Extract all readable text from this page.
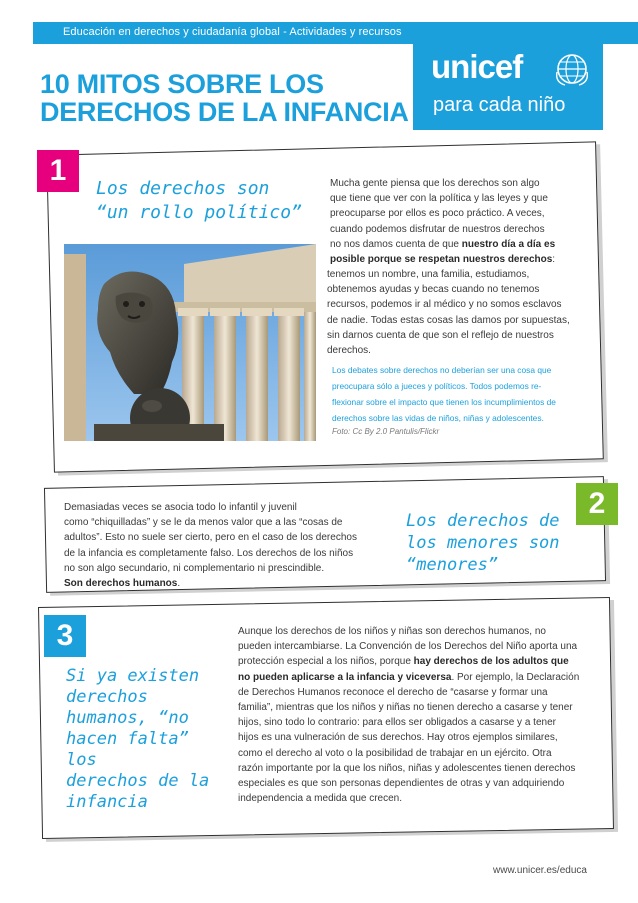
Educación en derechos y ciudadanía global - Actividades y recursos
10 MITOS SOBRE LOS
DERECHOS DE LA INFANCIA
unicef
para cada niño
1
Los derechos son
“un rollo político”
Mucha gente piensa que los derechos son algo
que tiene que ver con la política y las leyes y que
preocuparse por ellos es poco práctico. A veces,
cuando podemos disfrutar de nuestros derechos
no nos damos cuenta de que nuestro día a día es
posible porque se respetan nuestros derechos:
tenemos un nombre, una familia, estudiamos,
obtenemos ayudas y becas cuando no tenemos
recursos, podemos ir al médico y no somos esclavos
de nadie. Todas estas cosas las damos por supuestas,
sin darnos cuenta de que son el reflejo de nuestros
derechos.
Los debates sobre derechos no deberían ser una cosa que
preocupara sólo a jueces y políticos. Todos podemos re-
flexionar sobre el impacto que tienen los incumplimientos de
derechos sobre las vidas de niños, niñas y adolescentes.
Foto: Cc By 2.0 Pantulis/Flickr
Demasiadas veces se asocia todo lo infantil y juvenil
como “chiquilladas” y se le da menos valor que a las “cosas de
adultos”. Esto no suele ser cierto, pero en el caso de los derechos
de la infancia es completamente falso. Los derechos de los niños
no son algo secundario, ni complementario ni prescindible.
Son derechos humanos.
Los derechos de
los menores son
“menores”
2
3
Si ya existen
derechos
humanos, “no
hacen falta” los
derechos de la
infancia
Aunque los derechos de los niños y niñas son derechos humanos, no
pueden intercambiarse. La Convención de los Derechos del Niño aporta una
protección especial a los niños, porque hay derechos de los adultos que
no pueden aplicarse a la infancia y viceversa. Por ejemplo, la Declaración
de Derechos Humanos reconoce el derecho de “casarse y formar una
familia”, mientras que los niños y niñas no tienen derecho a casarse y tener
hijos, sino todo lo contrario: para ellos ser obligados a casarse y a tener
hijos es una vulneración de sus derechos. Hay otros ejemplos similares,
como el derecho al voto o la posibilidad de trabajar en un ejército. Otra
razón importante por la que los niños, niñas y adolescentes tienen derechos
especiales es que son personas dependientes de otras y van adquiriendo
independencia a medida que crecen.
www.unicer.es/educa
